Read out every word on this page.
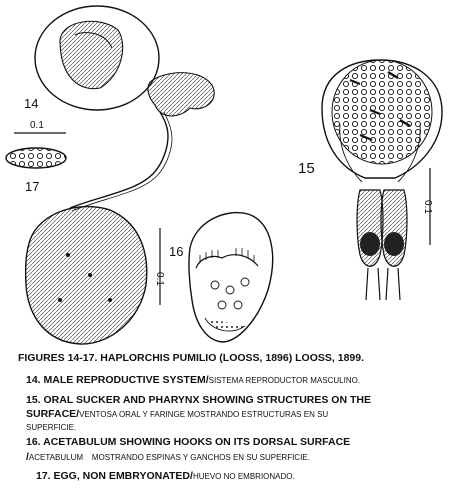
14
0.1
17
15
0.1
16
0.1
FIGURES 14-17. HAPLORCHIS PUMILIO (LOOSS, 1896) LOOSS, 1899.
14. MALE REPRODUCTIVE SYSTEM/SISTEMA REPRODUCTOR MASCULINO.
15. ORAL SUCKER AND PHARYNX SHOWING STRUCTURES ON THE
SURFACE/VENTOSA ORAL Y FARINGE MOSTRANDO ESTRUCTURAS EN SU
SUPERFICIE.
16. ACETABULUM SHOWING HOOKS ON ITS DORSAL SURFACE
/ACETABULUM    MOSTRANDO ESPINAS Y GANCHOS EN SU SUPERFICIE.
17. EGG, NON EMBRYONATED/HUEVO NO EMBRIONADO.
